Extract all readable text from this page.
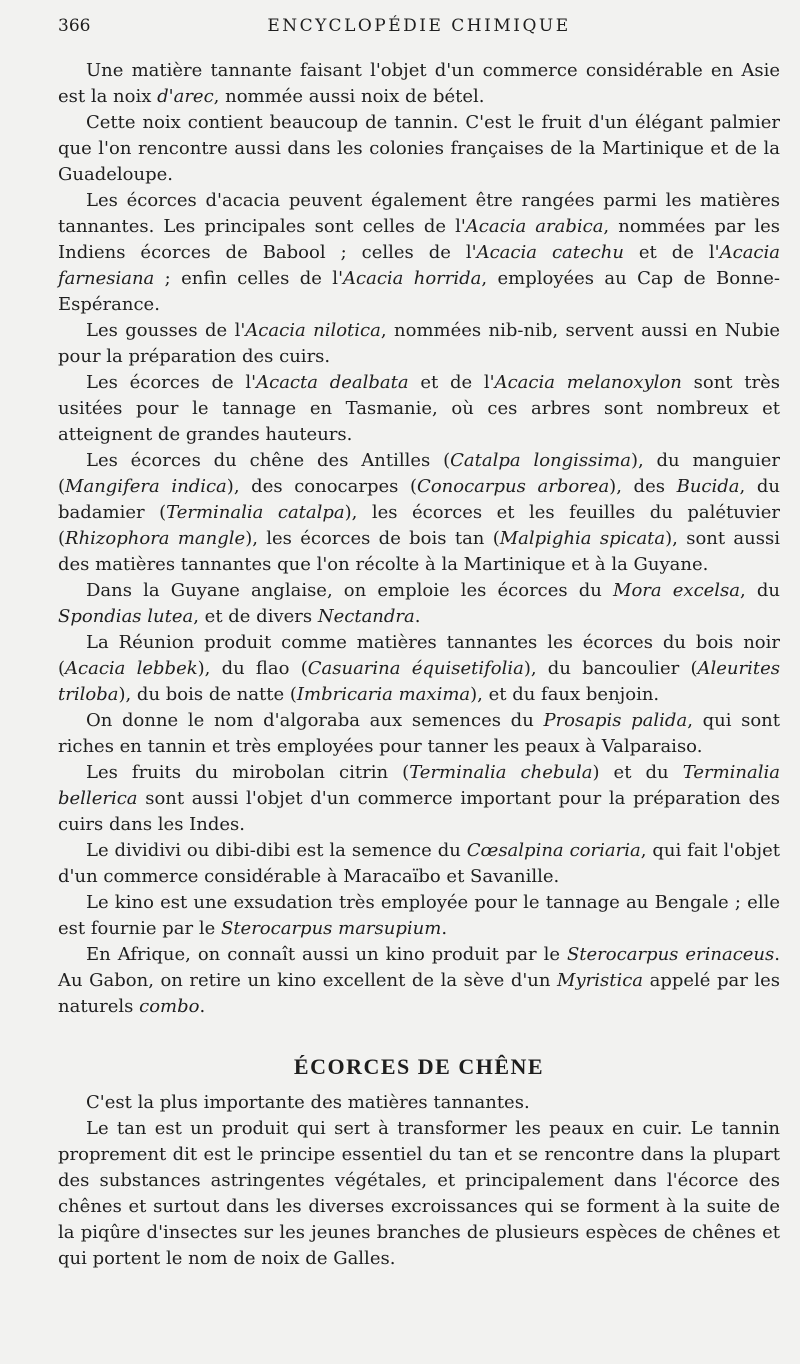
366	ENCYCLOPÉDIE CHIMIQUE

Une matière tannante faisant l'objet d'un commerce considérable en Asie est la noix d'arec, nommée aussi noix de bétel.

Cette noix contient beaucoup de tannin. C'est le fruit d'un élégant palmier que l'on rencontre aussi dans les colonies françaises de la Martinique et de la Guadeloupe.

Les écorces d'acacia peuvent également être rangées parmi les matières tannantes. Les principales sont celles de l'Acacia arabica, nommées par les Indiens écorces de Babool ; celles de l'Acacia catechu et de l'Acacia farnesiana ; enfin celles de l'Acacia horrida, employées au Cap de Bonne-Espérance.

Les gousses de l'Acacia nilotica, nommées nib-nib, servent aussi en Nubie pour la préparation des cuirs.

Les écorces de l'Acacta dealbata et de l'Acacia melanoxylon sont très usitées pour le tannage en Tasmanie, où ces arbres sont nombreux et atteignent de grandes hauteurs.

Les écorces du chêne des Antilles (Catalpa longissima), du manguier (Mangifera indica), des conocarpes (Conocarpus arborea), des Bucida, du badamier (Terminalia catalpa), les écorces et les feuilles du palétuvier (Rhizophora mangle), les écorces de bois tan (Malpighia spicata), sont aussi des matières tannantes que l'on récolte à la Martinique et à la Guyane.

Dans la Guyane anglaise, on emploie les écorces du Mora excelsa, du Spondias lutea, et de divers Nectandra.

La Réunion produit comme matières tannantes les écorces du bois noir (Acacia lebbek), du flao (Casuarina équisetifolia), du bancoulier (Aleurites triloba), du bois de natte (Imbricaria maxima), et du faux benjoin.

On donne le nom d'algoraba aux semences du Prosapis palida, qui sont riches en tannin et très employées pour tanner les peaux à Valparaiso.

Les fruits du mirobolan citrin (Terminalia chebula) et du Terminalia bellerica sont aussi l'objet d'un commerce important pour la préparation des cuirs dans les Indes.

Le dividivi ou dibi-dibi est la semence du Cœsalpina coriaria, qui fait l'objet d'un commerce considérable à Maracaïbo et Savanille.

Le kino est une exsudation très employée pour le tannage au Bengale ; elle est fournie par le Sterocarpus marsupium.

En Afrique, on connaît aussi un kino produit par le Sterocarpus erinaceus. Au Gabon, on retire un kino excellent de la sève d'un Myristica appelé par les naturels combo.

ÉCORCES DE CHÊNE

C'est la plus importante des matières tannantes.

Le tan est un produit qui sert à transformer les peaux en cuir. Le tannin proprement dit est le principe essentiel du tan et se rencontre dans la plupart des substances astringentes végétales, et principalement dans l'écorce des chênes et surtout dans les diverses excroissances qui se forment à la suite de la piqûre d'insectes sur les jeunes branches de plusieurs espèces de chênes et qui portent le nom de noix de Galles.
